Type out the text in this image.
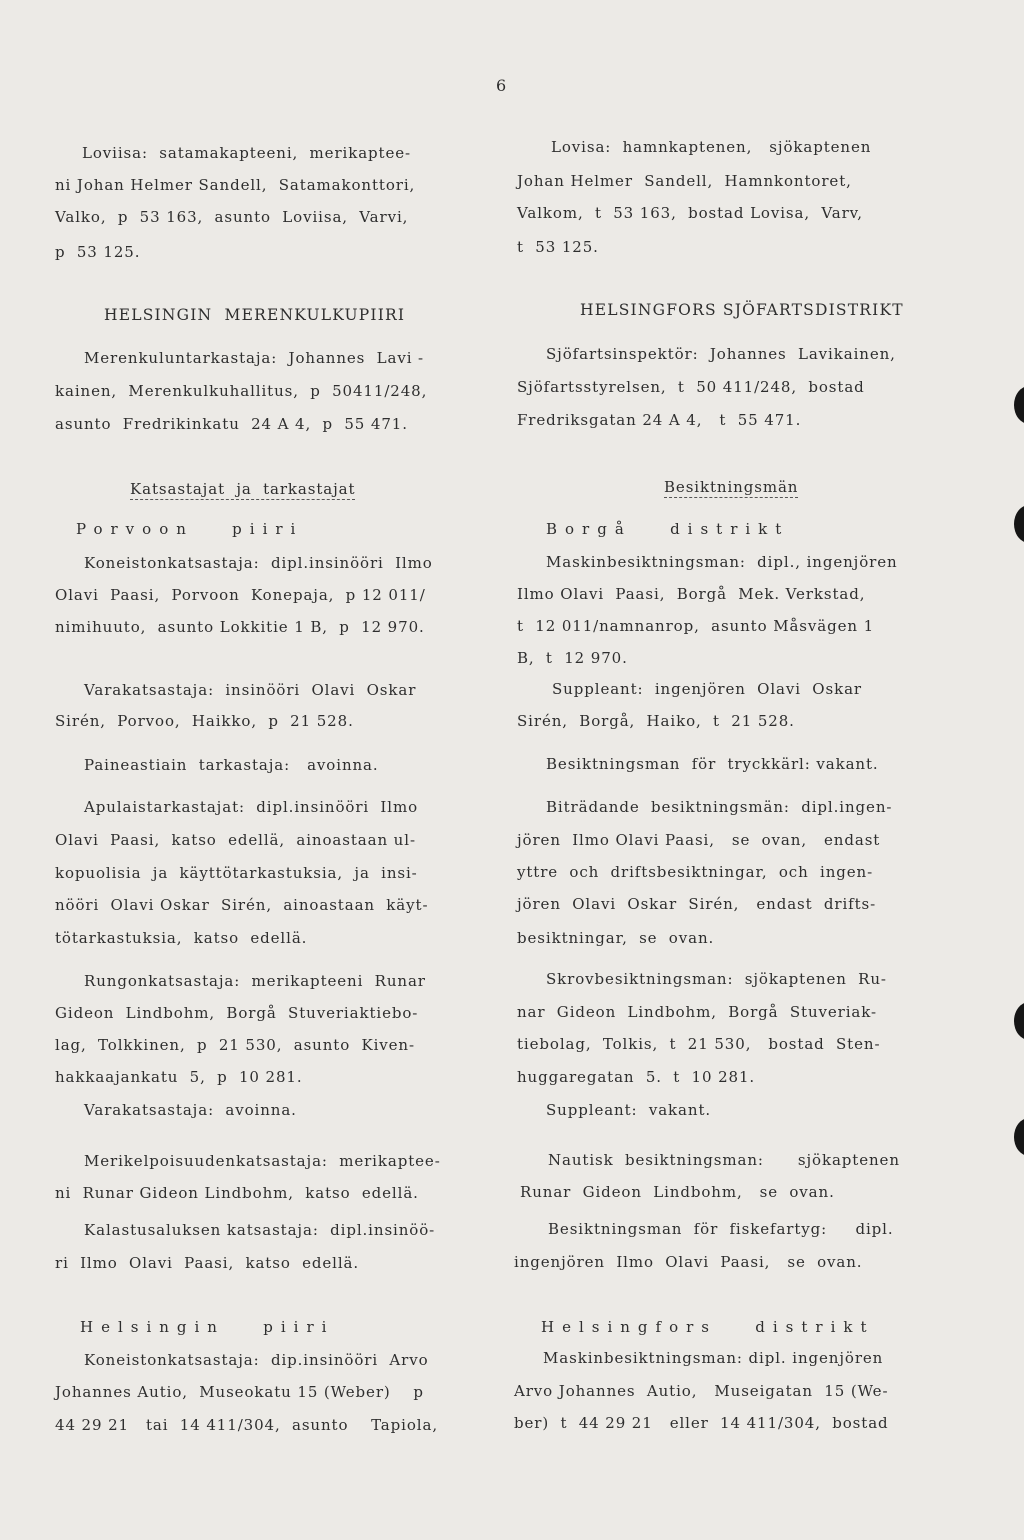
6

Loviisa:  satamakapteeni,  merikaptee-

ni Johan Helmer Sandell,  Satamakonttori,

Valko,  p  53 163,  asunto  Loviisa,  Varvi,

p  53 125.

HELSINGIN  MERENKULKUPIIRI

Merenkuluntarkastaja:  Johannes  Lavi -

kainen,  Merenkulkuhallitus,  p  50411/248,

asunto  Fredrikinkatu  24 A 4,  p  55 471.

Katsastajat  ja  tarkastajat

Porvoon   piiri

Koneistonkatsastaja:  dipl.insinööri  Ilmo

Olavi  Paasi,  Porvoon  Konepaja,  p 12 011/

nimihuuto,  asunto Lokkitie 1 B,  p  12 970.

Varakatsastaja:  insinööri  Olavi  Oskar

Sirén,  Porvoo,  Haikko,  p  21 528.

Paineastiain  tarkastaja:   avoinna.

Apulaistarkastajat:  dipl.insinööri  Ilmo

Olavi  Paasi,  katso  edellä,  ainoastaan ul-

kopuolisia  ja  käyttötarkastuksia,  ja  insi-

nööri  Olavi Oskar  Sirén,  ainoastaan  käyt-

tötarkastuksia,  katso  edellä.

Rungonkatsastaja:  merikapteeni  Runar

Gideon  Lindbohm,  Borgå  Stuveriaktiebo-

lag,  Tolkkinen,  p  21 530,  asunto  Kiven-

hakkaajankatu  5,  p  10 281.

Varakatsastaja:  avoinna.

Merikelpoisuudenkatsastaja:  merikaptee-

ni  Runar Gideon Lindbohm,  katso  edellä.

Kalastusaluksen katsastaja:  dipl.insinöö-

ri  Ilmo  Olavi  Paasi,  katso  edellä.

Helsingin   piiri

Koneistonkatsastaja:  dip.insinööri  Arvo

Johannes Autio,  Museokatu 15 (Weber)    p

44 29 21   tai  14 411/304,  asunto    Tapiola,

Lovisa:  hamnkaptenen,   sjökaptenen

Johan Helmer  Sandell,  Hamnkontoret,

Valkom,  t  53 163,  bostad Lovisa,  Varv,

t  53 125.

HELSINGFORS SJÖFARTSDISTRIKT

Sjöfartsinspektör:  Johannes  Lavikainen,

Sjöfartsstyrelsen,  t  50 411/248,  bostad

Fredriksgatan 24 A 4,   t  55 471.

Besiktningsmän

Borgå   distrikt

Maskinbesiktningsman:  dipl., ingenjören

Ilmo Olavi  Paasi,  Borgå  Mek. Verkstad,

t  12 011/namnanrop,  asunto Måsvägen 1

B,  t  12 970.

Suppleant:  ingenjören  Olavi  Oskar

Sirén,  Borgå,  Haiko,  t  21 528.

Besiktningsman  för  tryckkärl: vakant.

Biträdande  besiktningsmän:  dipl.ingen-

jören  Ilmo Olavi Paasi,   se  ovan,   endast

yttre  och  driftsbesiktningar,  och  ingen-

jören  Olavi  Oskar  Sirén,   endast  drifts-

besiktningar,  se  ovan.

Skrovbesiktningsman:  sjökaptenen  Ru-

nar  Gideon  Lindbohm,  Borgå  Stuveriak-

tiebolag,  Tolkis,  t  21 530,   bostad  Sten-

huggaregatan  5.  t  10 281.

Suppleant:  vakant.

Nautisk  besiktningsman:      sjökaptenen

Runar  Gideon  Lindbohm,   se  ovan.

Besiktningsman  för  fiskefartyg:     dipl.

ingenjören  Ilmo  Olavi  Paasi,   se  ovan.

Helsingfors   distrikt

Maskinbesiktningsman: dipl. ingenjören

Arvo Johannes  Autio,   Museigatan  15 (We-

ber)  t  44 29 21   eller  14 411/304,  bostad
